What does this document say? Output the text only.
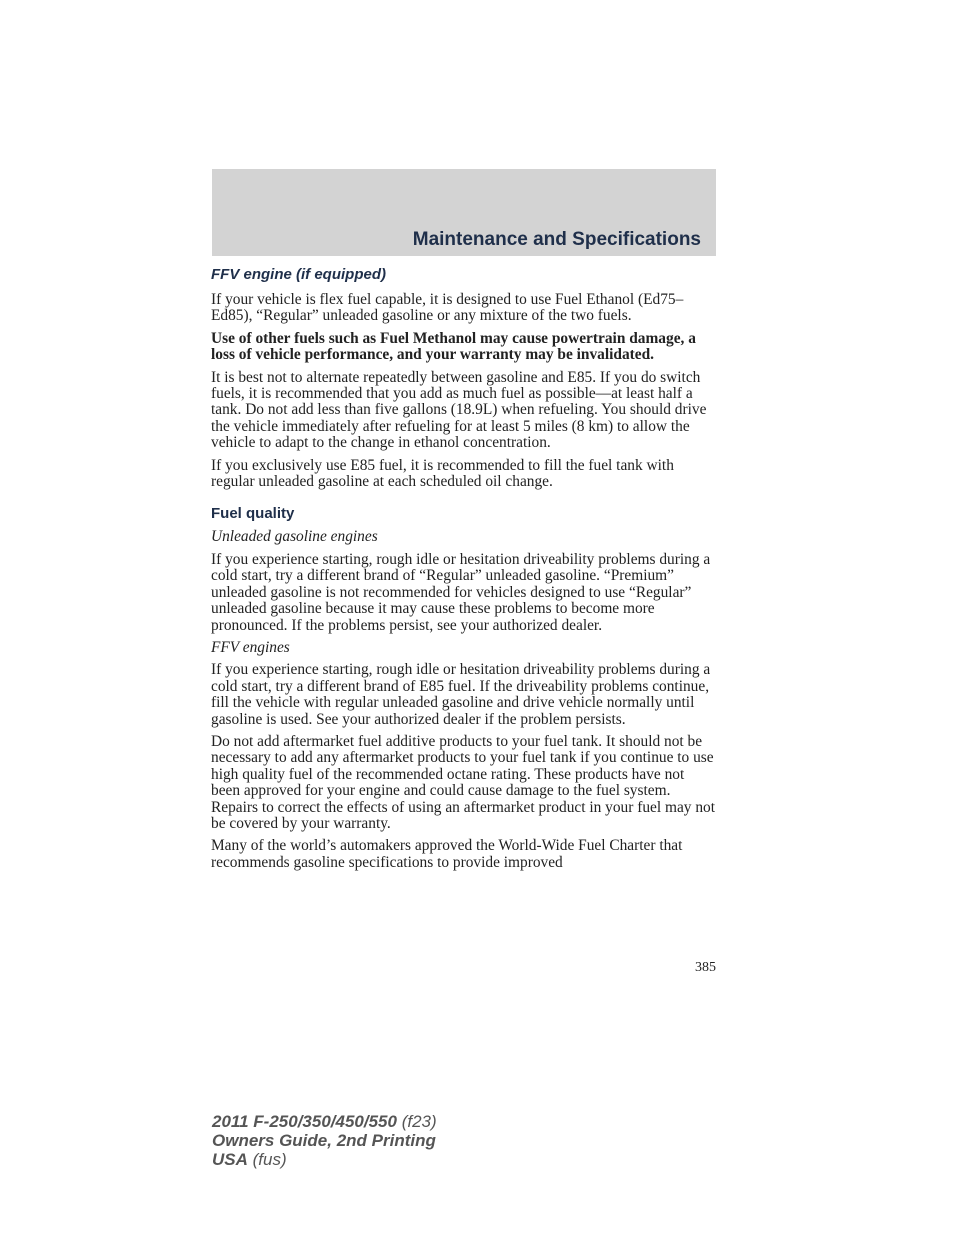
Maintenance and Specifications
FFV engine (if equipped)

If your vehicle is flex fuel capable, it is designed to use Fuel Ethanol (Ed75–Ed85), “Regular” unleaded gasoline or any mixture of the two fuels.

Use of other fuels such as Fuel Methanol may cause powertrain damage, a loss of vehicle performance, and your warranty may be invalidated.

It is best not to alternate repeatedly between gasoline and E85. If you do switch fuels, it is recommended that you add as much fuel as possible—at least half a tank. Do not add less than five gallons (18.9L) when refueling. You should drive the vehicle immediately after refueling for at least 5 miles (8 km) to allow the vehicle to adapt to the change in ethanol concentration.

If you exclusively use E85 fuel, it is recommended to fill the fuel tank with regular unleaded gasoline at each scheduled oil change.

Fuel quality

Unleaded gasoline engines

If you experience starting, rough idle or hesitation driveability problems during a cold start, try a different brand of “Regular” unleaded gasoline. “Premium” unleaded gasoline is not recommended for vehicles designed to use “Regular” unleaded gasoline because it may cause these problems to become more pronounced. If the problems persist, see your authorized dealer.

FFV engines

If you experience starting, rough idle or hesitation driveability problems during a cold start, try a different brand of E85 fuel. If the driveability problems continue, fill the vehicle with regular unleaded gasoline and drive vehicle normally until gasoline is used. See your authorized dealer if the problem persists.

Do not add aftermarket fuel additive products to your fuel tank. It should not be necessary to add any aftermarket products to your fuel tank if you continue to use high quality fuel of the recommended octane rating. These products have not been approved for your engine and could cause damage to the fuel system. Repairs to correct the effects of using an aftermarket product in your fuel may not be covered by your warranty.

Many of the world’s automakers approved the World-Wide Fuel Charter that recommends gasoline specifications to provide improved

385
2011 F-250/350/450/550 (f23)
Owners Guide, 2nd Printing
USA (fus)
